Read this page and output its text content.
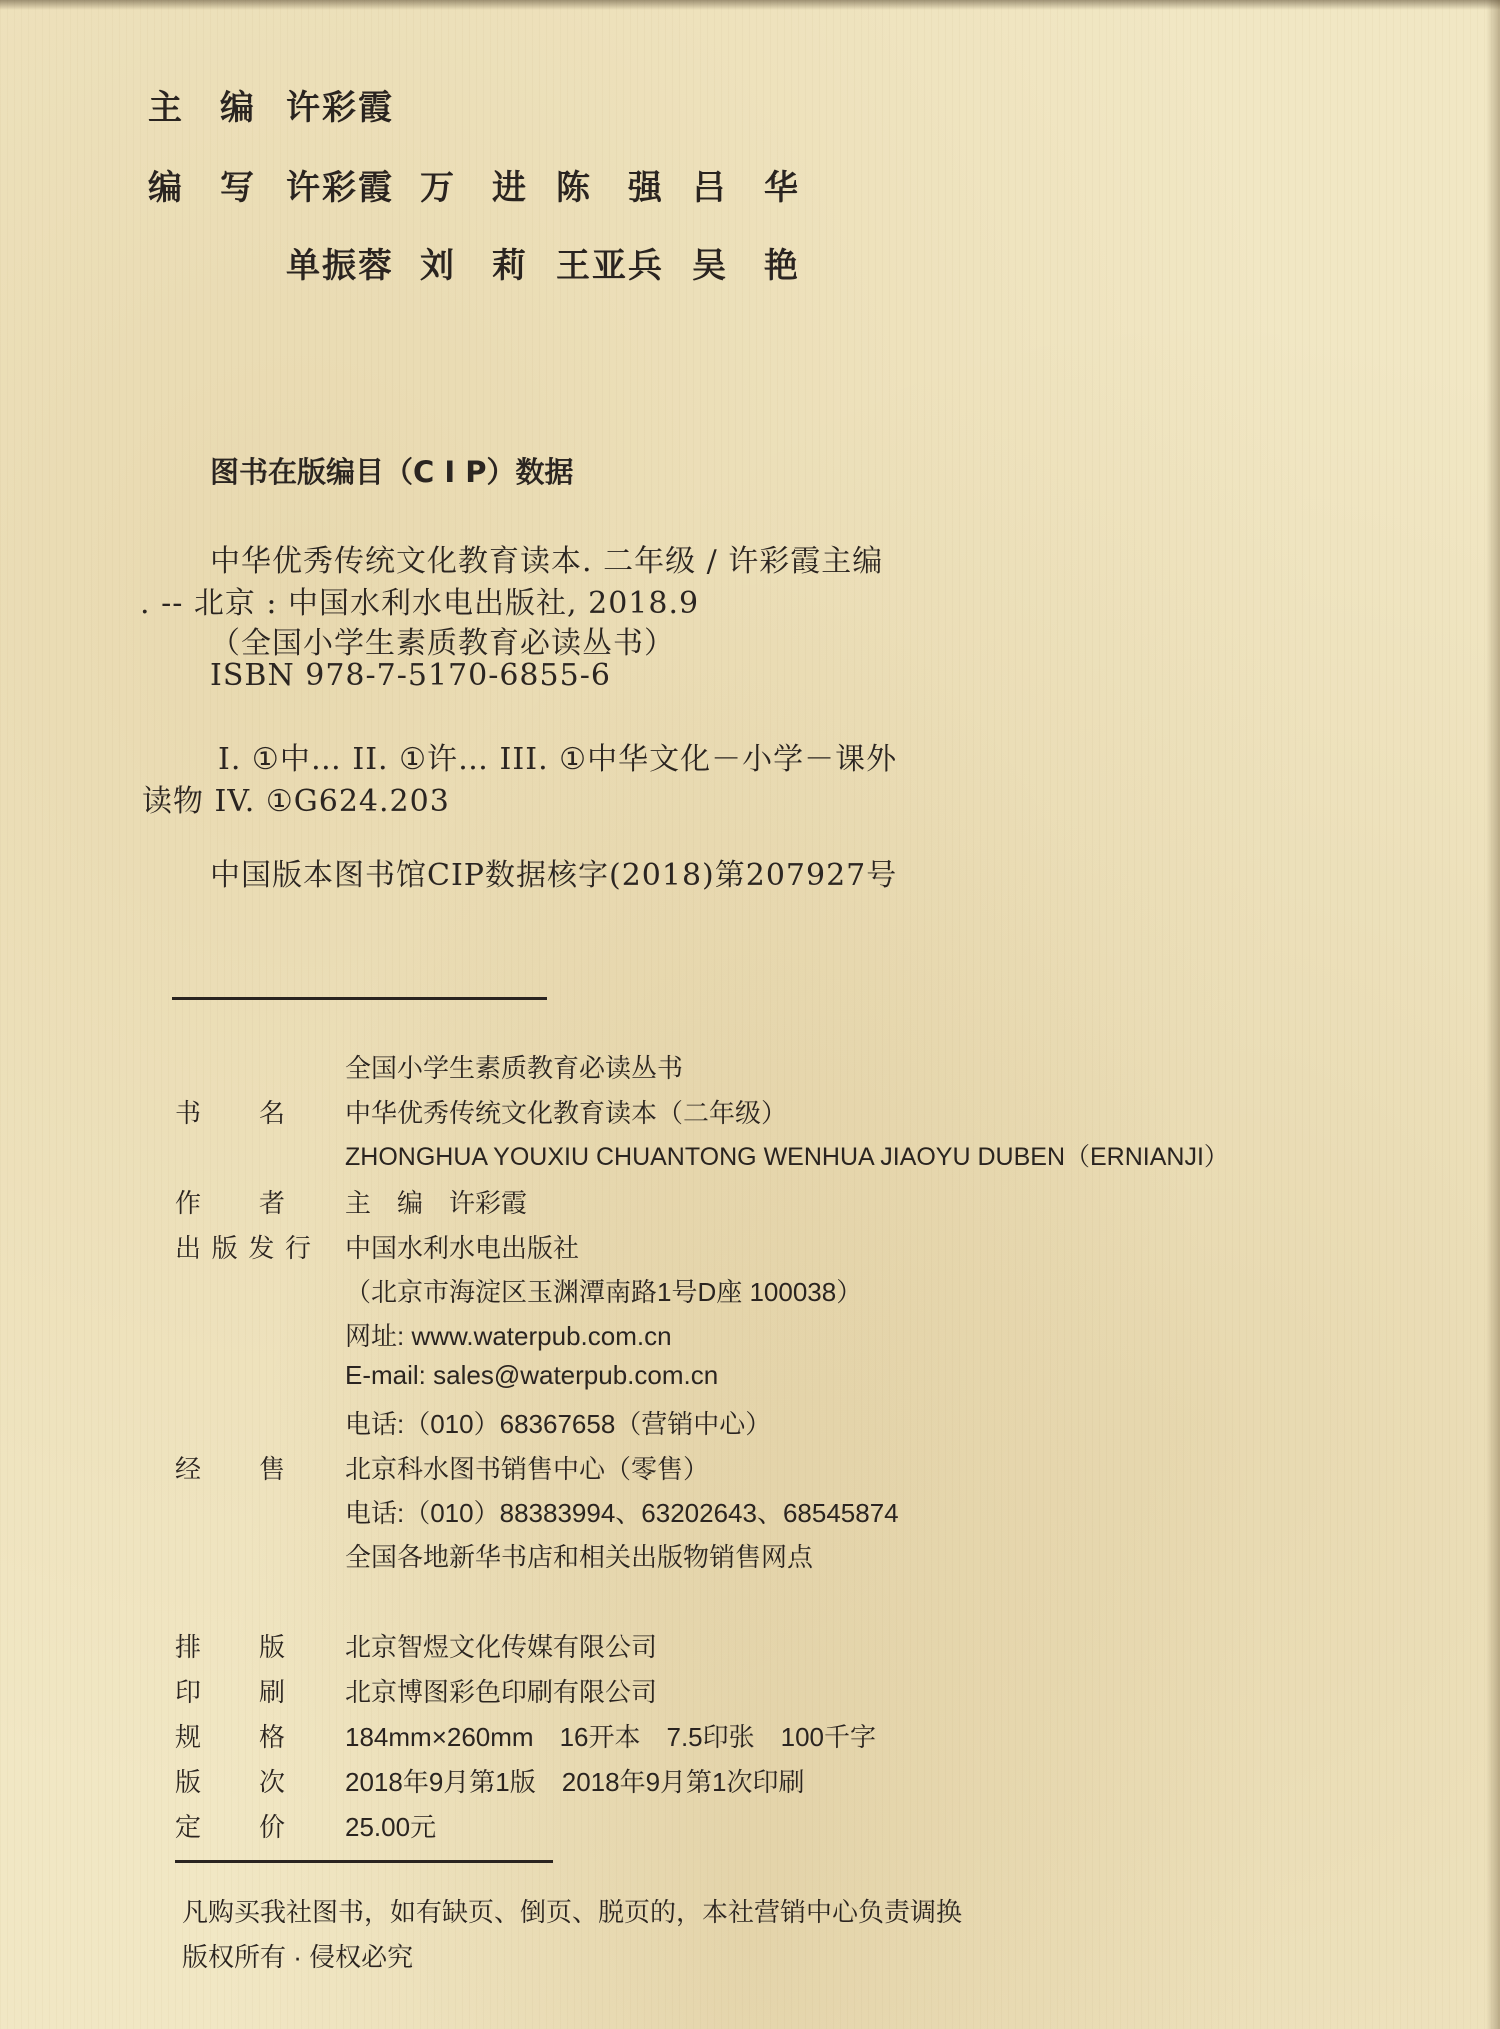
主　编 许彩霞
编　写 许彩霞 万　进 陈　强 吕　华
单振蓉 刘　莉 王亚兵 吴　艳
图书在版编目（C I P）数据
中华优秀传统文化教育读本. 二年级 / 许彩霞主编
. -- 北京 : 中国水利水电出版社, 2018.9
（全国小学生素质教育必读丛书）
ISBN 978-7-5170-6855-6
I. ①中… II. ①许… III. ①中华文化－小学－课外
读物 IV. ①G624.203
中国版本图书馆CIP数据核字(2018)第207927号
全国小学生素质教育必读丛书
书 名 中华优秀传统文化教育读本（二年级）
ZHONGHUA YOUXIU CHUANTONG WENHUA JIAOYU DUBEN（ERNIANJI）
作 者 主　编　许彩霞
出 版 发 行 中国水利水电出版社
（北京市海淀区玉渊潭南路1号D座 100038）
网址: www.waterpub.com.cn
E-mail: sales@waterpub.com.cn
电话:（010）68367658（营销中心）
经 售 北京科水图书销售中心（零售）
电话:（010）88383994、63202643、68545874
全国各地新华书店和相关出版物销售网点
排 版 北京智煜文化传媒有限公司
印 刷 北京博图彩色印刷有限公司
规 格 184mm×260mm　16开本　7.5印张　100千字
版 次 2018年9月第1版　2018年9月第1次印刷
定 价 25.00元
凡购买我社图书，如有缺页、倒页、脱页的，本社营销中心负责调换
版权所有 · 侵权必究
